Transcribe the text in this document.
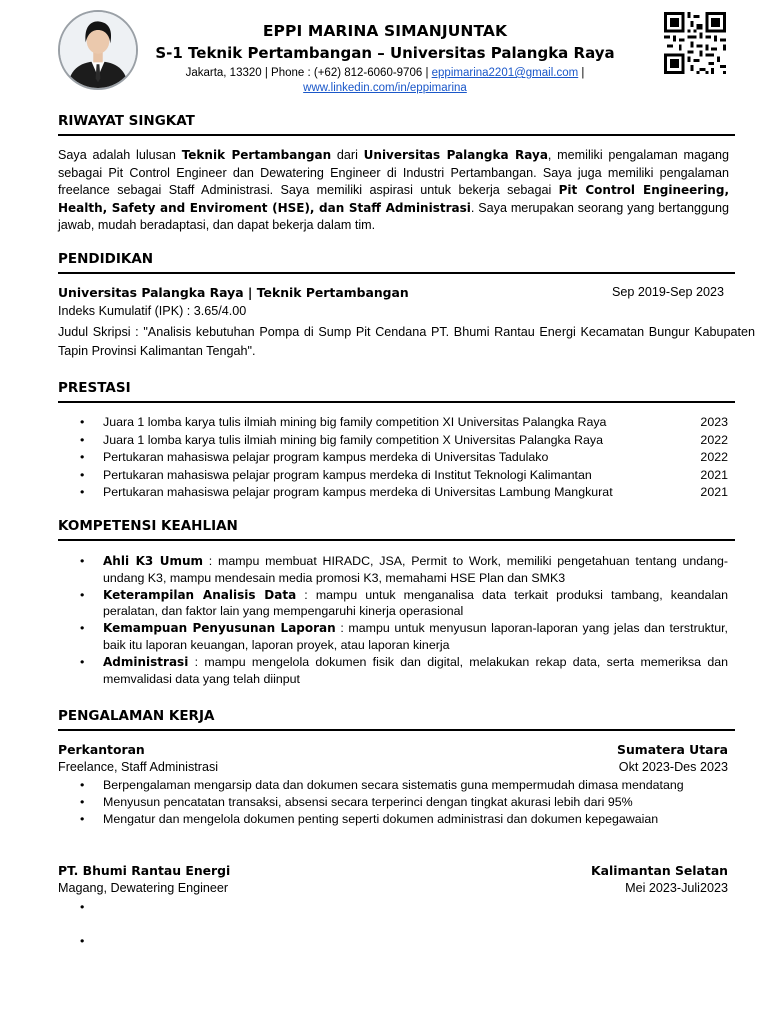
EPPI MARINA SIMANJUNTAK
S-1 Teknik Pertambangan – Universitas Palangka Raya
Jakarta, 13320 | Phone : (+62) 812-6060-9706 | eppimarina2201@gmail.com |
www.linkedin.com/in/eppimarina
RIWAYAT SINGKAT
Saya adalah lulusan Teknik Pertambangan dari Universitas Palangka Raya, memiliki pengalaman magang sebagai Pit Control Engineer dan Dewatering Engineer di Industri Pertambangan. Saya juga memiliki pengalaman freelance sebagai Staff Administrasi. Saya memiliki aspirasi untuk bekerja sebagai Pit Control Engineering, Health, Safety and Enviroment (HSE), dan Staff Administrasi. Saya merupakan seorang yang bertanggung jawab, mudah beradaptasi, dan dapat bekerja dalam tim.
PENDIDIKAN
Universitas Palangka Raya | Teknik Pertambangan	Sep 2019-Sep 2023
Indeks Kumulatif (IPK) : 3.65/4.00
Judul Skripsi : "Analisis kebutuhan Pompa di Sump Pit Cendana PT. Bhumi Rantau Energi Kecamatan Bungur Kabupaten Tapin Provinsi Kalimantan Tengah".
PRESTASI
• Juara 1 lomba karya tulis ilmiah mining big family competition XI Universitas Palangka Raya	2023
• Juara 1 lomba karya tulis ilmiah mining big family competition X Universitas Palangka Raya	2022
• Pertukaran mahasiswa pelajar program kampus merdeka di Universitas Tadulako	2022
• Pertukaran mahasiswa pelajar program kampus merdeka di Institut Teknologi Kalimantan	2021
• Pertukaran mahasiswa pelajar program kampus merdeka di Universitas Lambung Mangkurat	2021
KOMPETENSI KEAHLIAN
• Ahli K3 Umum : mampu membuat HIRADC, JSA, Permit to Work, memiliki pengetahuan tentang undang-undang K3, mampu mendesain media promosi K3, memahami HSE Plan dan SMK3
• Keterampilan Analisis Data : mampu untuk menganalisa data terkait produksi tambang, keandalan peralatan, dan faktor lain yang mempengaruhi kinerja operasional
• Kemampuan Penyusunan Laporan : mampu untuk menyusun laporan-laporan yang jelas dan terstruktur, baik itu laporan keuangan, laporan proyek, atau laporan kinerja
• Administrasi : mampu mengelola dokumen fisik dan digital, melakukan rekap data, serta memeriksa dan memvalidasi data yang telah diinput
PENGALAMAN KERJA
Perkantoran	Sumatera Utara
Freelance, Staff Administrasi	Okt 2023-Des 2023
• Berpengalaman mengarsip data dan dokumen secara sistematis guna mempermudah dimasa mendatang
• Menyusun pencatatan transaksi, absensi secara terperinci dengan tingkat akurasi lebih dari 95%
• Mengatur dan mengelola dokumen penting seperti dokumen administrasi dan dokumen kepegawaian
PT. Bhumi Rantau Energi	Kalimantan Selatan
Magang, Dewatering Engineer	Mei 2023-Juli2023
•
•
